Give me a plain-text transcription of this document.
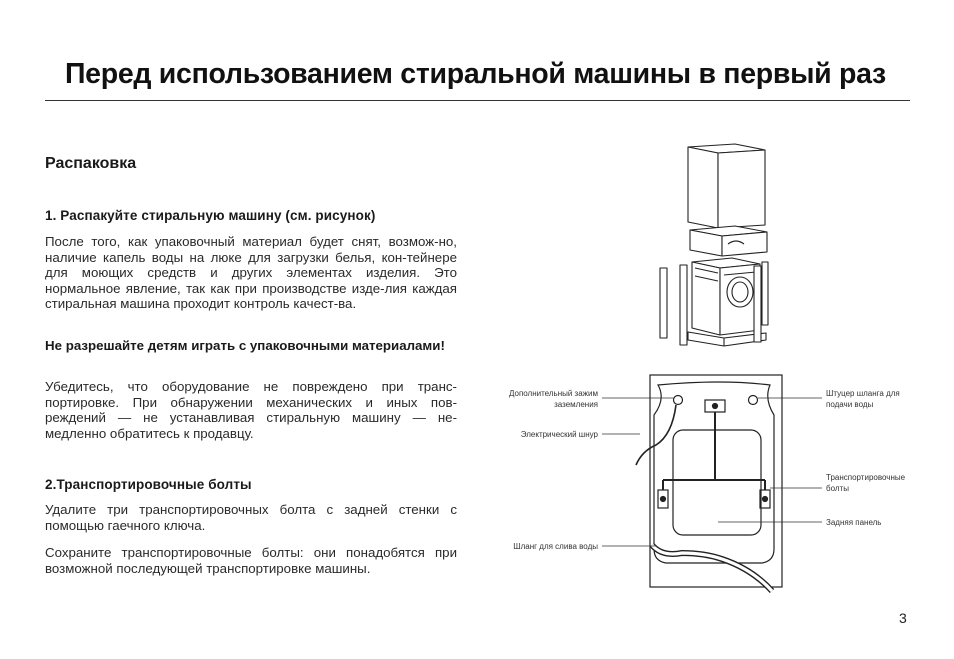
Перед использованием стиральной машины в первый раз
Распаковка
1. Распакуйте стиральную машину (см. рисунок)

После того, как упаковочный материал будет снят, возмож-но, наличие капель воды на люке для загрузки белья, кон-тейнере для моющих средств и других элементах изделия. Это нормальное явление, так как при производстве изде-лия каждая стиральная машина проходит контроль качест-ва.

Не разрешайте детям играть с упаковочными материалами!

Убедитесь, что оборудование не повреждено при транс-портировке. При обнаружении механических и иных пов-реждений — не устанавливая стиральную машину — не-медленно обратитесь к продавцу.

2.Транспортировочные болты

Удалите три транспортировочных болта с задней стенки с помощью гаечного ключа.

Сохраните транспортировочные болты: они понадобятся при возможной последующей транспортировке машины.

Дополнительный зажим
заземления
Электрический шнур
Шланг для слива воды
Штуцер шланга для
подачи воды
Транспортировочные
болты
Задняя панель
3
